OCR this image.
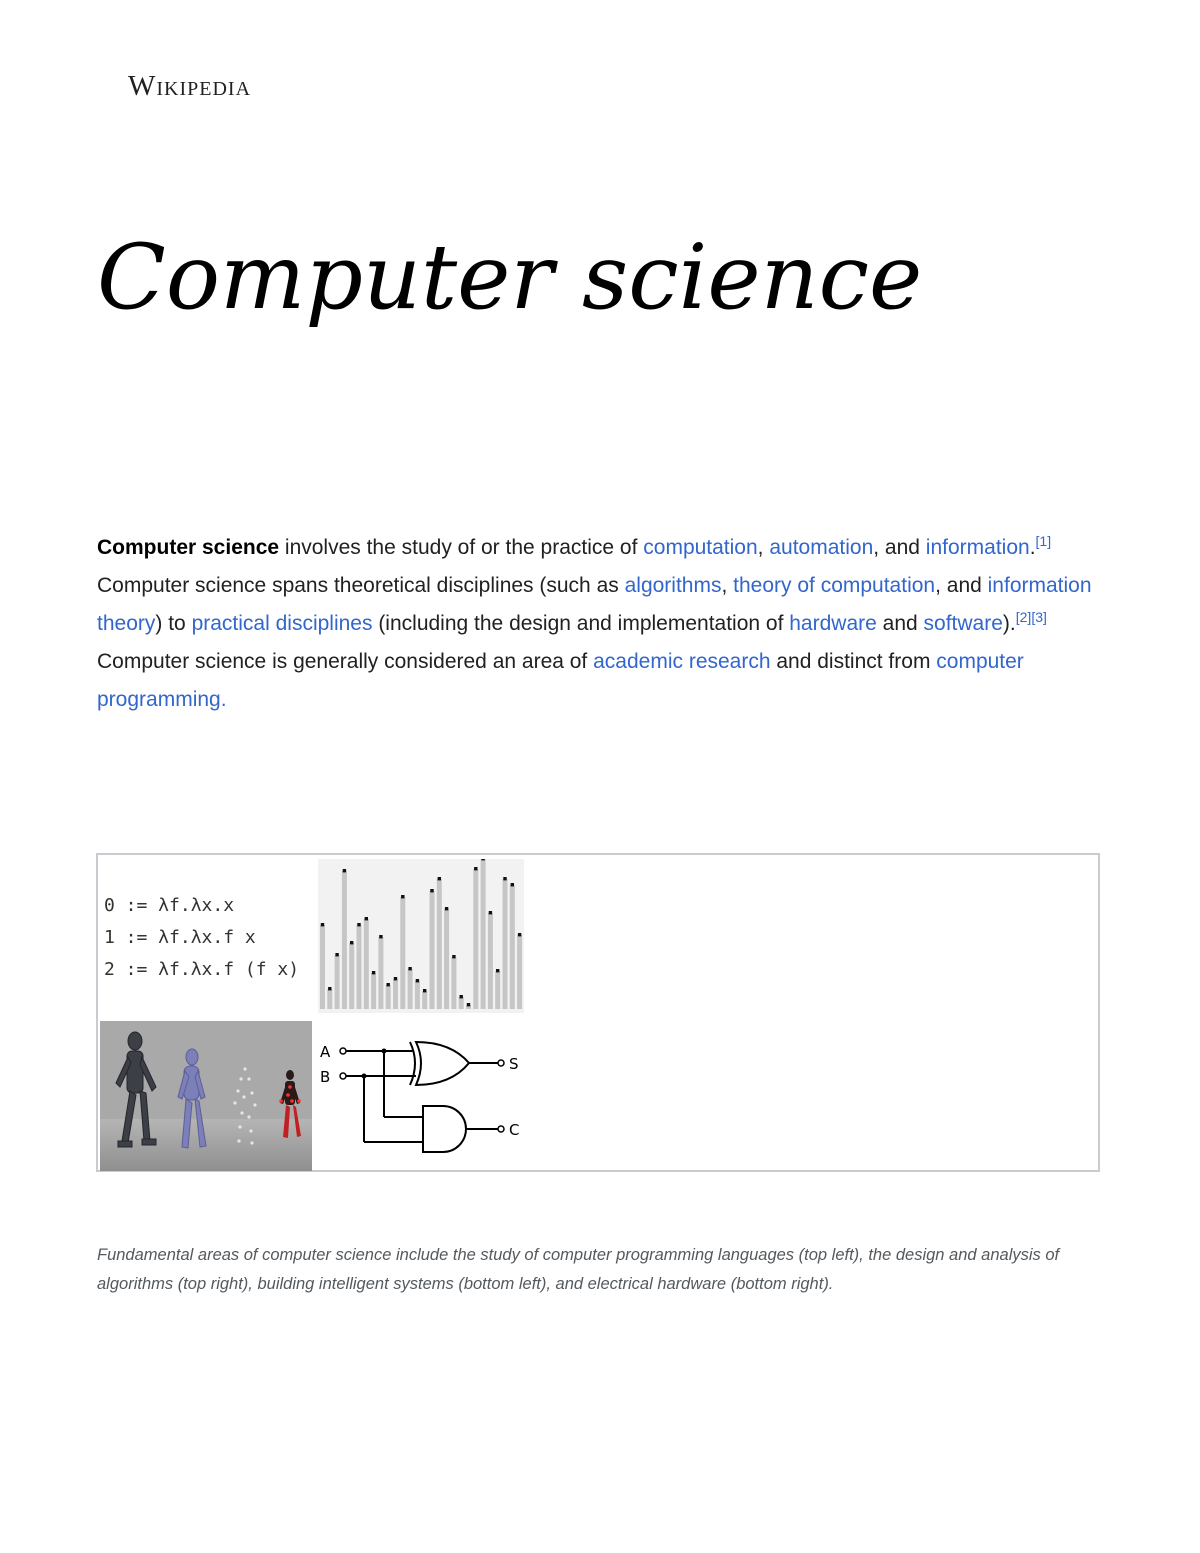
Wikipedia
Computer science

Computer science involves the study of or the practice of computation, automation, and information.[1] Computer science spans theoretical disciplines (such as algorithms, theory of computation, and information theory) to practical disciplines (including the design and implementation of hardware and software).[2][3] Computer science is generally considered an area of academic research and distinct from computer programming.

0 := λf.λx.x
1 := λf.λx.f x
2 := λf.λx.f (f x)
A
B
S
C

Fundamental areas of computer science include the study of computer programming languages (top left), the design and analysis of algorithms (top right), building intelligent systems (bottom left), and electrical hardware (bottom right).
